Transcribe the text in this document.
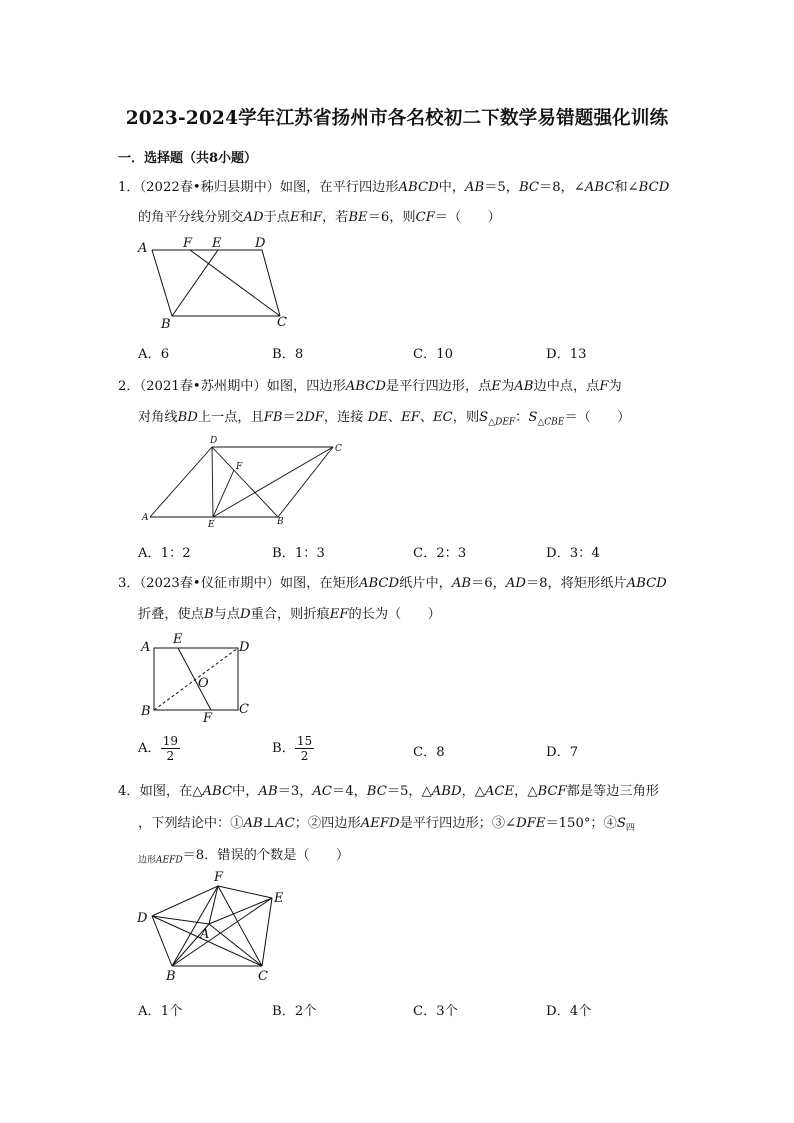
2023-2024学年江苏省扬州市各名校初二下数学易错题强化训练
一．选择题（共8小题）
1．（2022春•秭归县期中）如图，在平行四边形ABCD中，AB＝5，BC＝8，∠ABC和∠BCD
的角平分线分别交AD于点E和F，若BE＝6，则CF＝（　　）
A	F E	D
B	C
A．6	B．8	C．10	D．13
2．（2021春•苏州期中）如图，四边形ABCD是平行四边形，点E为AB边中点，点F为
对角线BD上一点，且FB＝2DF，连接 DE、EF、EC，则$S_{\triangle DEF}$：$S_{\triangle CBE}=$（　　）
D
C
F
A
E	B
A．1：2	B．1：3	C．2：3	D．3：4
3．（2023春•仪征市期中）如图，在矩形ABCD纸片中，AB＝6，AD＝8，将矩形纸片ABCD
折叠，使点B与点D重合，则折痕EF的长为（　　）
A
E
D
O
B	F
C
A． $\frac{19}{2}$	B． $\frac{15}{2}$	C．8	D．7
4．如图，在△ABC中，AB＝3，AC＝4，BC＝5，△ABD，△ACE，△BCF都是等边三角形
，下列结论中：①AB⊥AC；②四边形AEFD是平行四边形；③∠DFE＝150°；$④S_四$
$_{边形AEFD}$＝8．错误的个数是（　　）
F
E
D
A
B	C
A．1个	B．2个	C．3个	D．4个
